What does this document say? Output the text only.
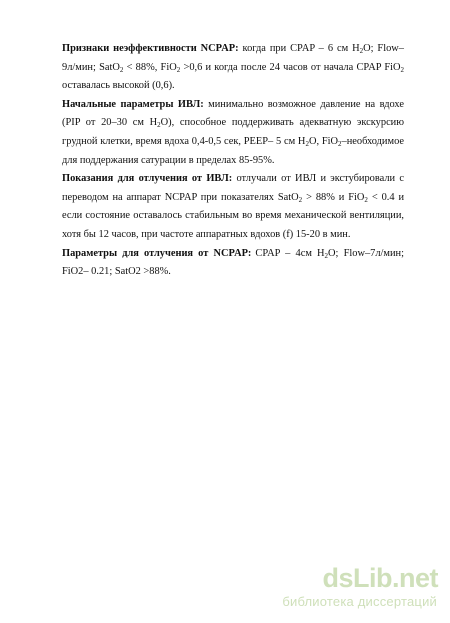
Признаки неэффективности NCPAP: когда при CPAP – 6 см $H_2O$; Flow–9л/мин; SatO$_2$ < 88%, FiO$_2$ >0,6 и когда после 24 часов от начала CPAP FiO$_2$ оставалась высокой (0,6).

Начальные параметры ИВЛ: минимально возможное давление на вдохе (PIP от 20–30 см $H_2O$), способное поддерживать адекватную экскурсию грудной клетки, время вдоха 0,4-0,5 сек, PEEP– 5 см $H_2O$, FiO$_2$–необходимое для поддержания сатурации в пределах 85-95%.

Показания для отлучения от ИВЛ: отлучали от ИВЛ и экстубировали с переводом на аппарат NCPAP при показателях SatO$_2$ > 88% и FiO$_2$ < 0.4 и если состояние оставалось стабильным во время механической вентиляции, хотя бы 12 часов, при частоте аппаратных вдохов (f) 15-20 в мин.

Параметры для отлучения от NCPAP: CPAP – 4см $H_2O$; Flow–7л/мин; FiO2– 0.21; SatO2 >88%.

dsLib.net
библиотека диссертаций
